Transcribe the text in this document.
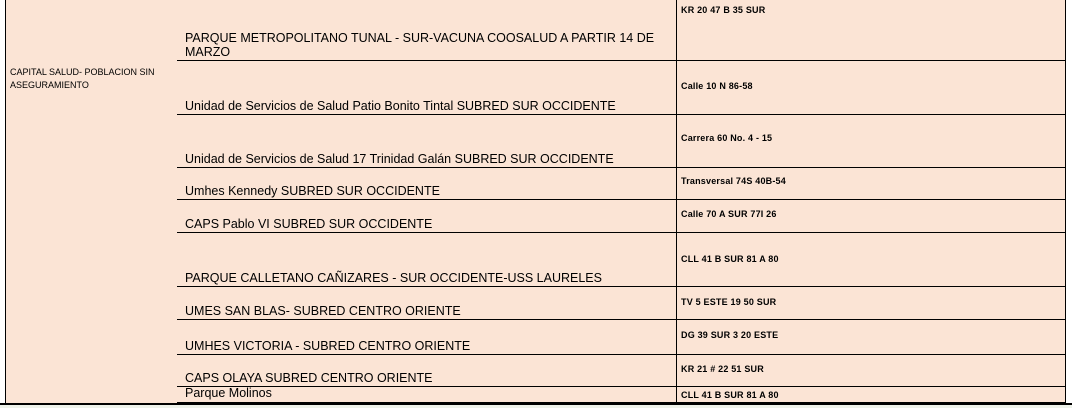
CAPITAL SALUD- POBLACION SIN ASEGURAMIENTO
PARQUE METROPOLITANO TUNAL - SUR-VACUNA COOSALUD A PARTIR 14 DE MARZO
KR 20 47 B 35 SUR
Unidad de Servicios de Salud Patio Bonito Tintal SUBRED SUR OCCIDENTE
Calle 10 N 86-58
Unidad de Servicios de Salud 17 Trinidad Galán SUBRED SUR OCCIDENTE
Carrera 60 No. 4 - 15
Umhes Kennedy SUBRED SUR OCCIDENTE
Transversal 74S 40B-54
CAPS Pablo VI SUBRED SUR OCCIDENTE
Calle 70 A SUR 77I 26
PARQUE CALLETANO CAÑIZARES - SUR OCCIDENTE-USS LAURELES
CLL 41 B SUR 81 A 80
UMES SAN BLAS- SUBRED CENTRO ORIENTE
TV 5 ESTE 19 50 SUR
UMHES VICTORIA - SUBRED CENTRO ORIENTE
DG 39 SUR 3 20 ESTE
CAPS OLAYA SUBRED CENTRO ORIENTE
KR 21 # 22 51 SUR
Parque Molinos	CLL 41 B SUR 81 A 80
